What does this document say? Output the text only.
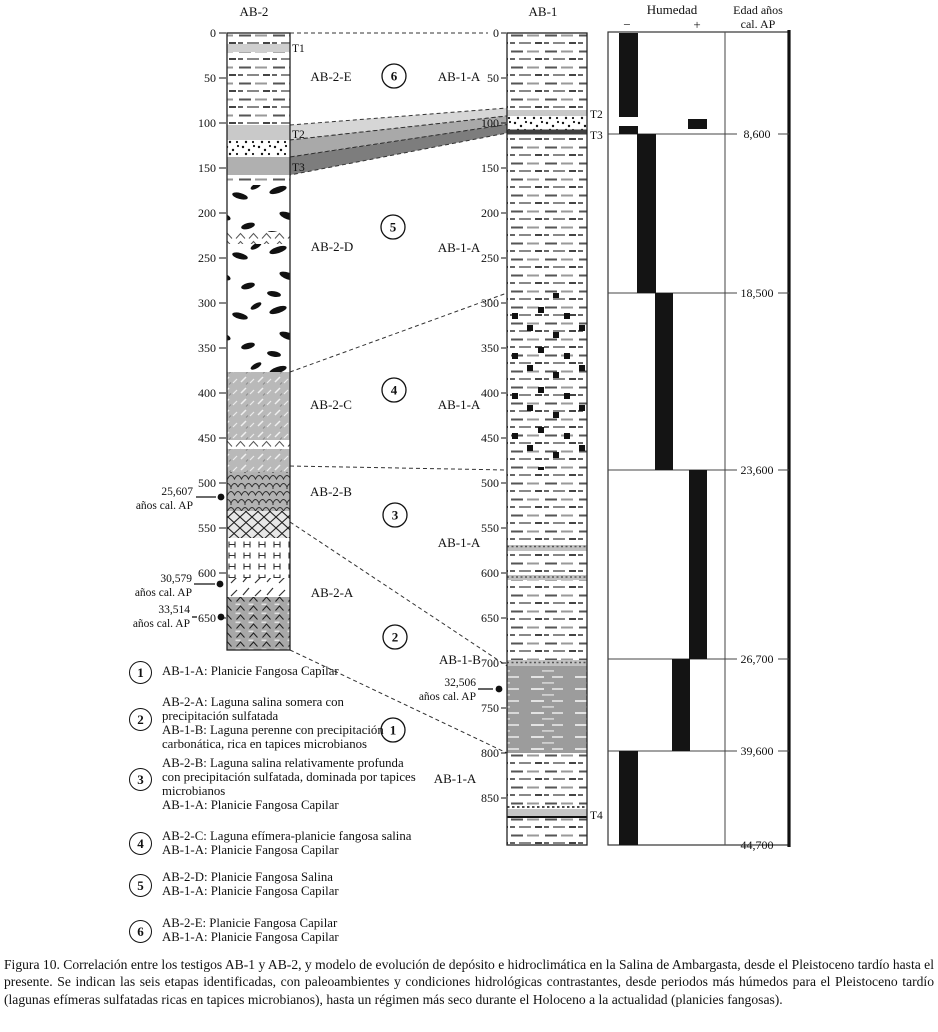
AB-2	AB-1
0
50
100
150
200
250
300
350
400
450
500
550
600
650
0
50
100
150
200
250
300
350
400
450
500
550
600
650
700
750
800
850
AB-2-E
AB-2-D
AB-2-C
AB-2-B
AB-2-A
AB-1-A
AB-1-A
AB-1-A
AB-1-A
AB-1-B
AB-1-A
T1
T2
T3
T2
T3
T4
6
5
4
3
2
1
25,607
años cal. AP
30,579
años cal. AP
33,514
años cal. AP
32,506
años cal. AP
Humedad
−	+
Edad años
cal. AP
8,600
18,500
23,600
26,700
39,600
44,700
1 AB-1-A: Planicie Fangosa Capilar
2
AB-2-A: Laguna salina somera con
precipitación sulfatada
AB-1-B: Laguna perenne con precipitación
carbonática, rica en tapices microbianos
3
AB-2-B: Laguna salina relativamente profunda
con precipitación sulfatada, dominada por tapices
microbianos
AB-1-A: Planicie Fangosa Capilar
4 AB-2-C: Laguna efímera-planicie fangosa salina
AB-1-A: Planicie Fangosa Capilar
5
AB-2-D: Planicie Fangosa Salina
AB-1-A: Planicie Fangosa Capilar
6
AB-2-E: Planicie Fangosa Capilar
AB-1-A: Planicie Fangosa Capilar
Figura 10. Correlación entre los testigos AB-1 y AB-2, y modelo de evolución de depósito e hidroclimática en la Salina de Ambargasta, desde el Pleistoceno tardío hasta el presente. Se indican las seis etapas identificadas, con paleoambientes y condiciones hidrológicas contrastantes, desde periodos más húmedos para el Pleistoceno tardío (lagunas efímeras sulfatadas ricas en tapices microbianos), hasta un régimen más seco durante el Holoceno a la actualidad (planicies fangosas).
